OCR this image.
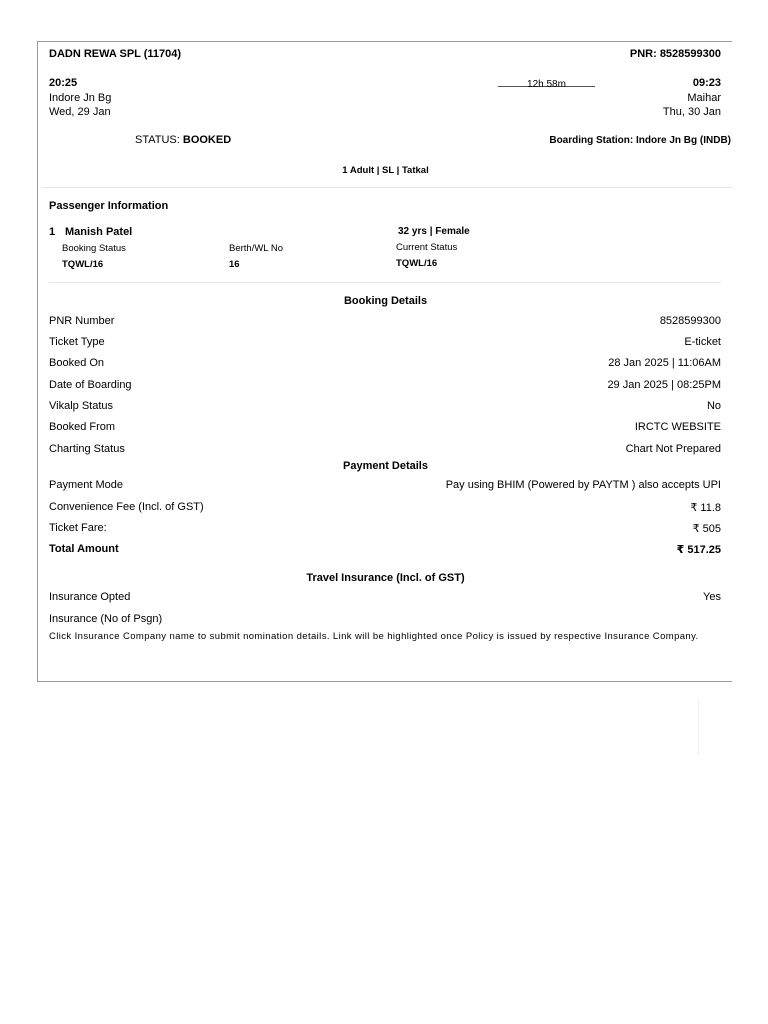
DADN REWA SPL (11704)	PNR: 8528599300
20:25
Indore Jn Bg
Wed, 29 Jan
12h 58m	09:23
Maihar
Thu, 30 Jan
STATUS: BOOKED	Boarding Station: Indore Jn Bg (INDB)
1 Adult | SL | Tatkal
Passenger Information
1 Manish Patel	32 yrs | Female
Booking Status	Berth/WL No	Current Status
TQWL/16	16	TQWL/16
Booking Details
PNR Number	8528599300
Ticket Type	E-ticket
Booked On	28 Jan 2025 | 11:06AM
Date of Boarding	29 Jan 2025 | 08:25PM
Vikalp Status	No
Booked From	IRCTC WEBSITE
Charting Status	Chart Not Prepared
Payment Details
Payment Mode	Pay using BHIM (Powered by PAYTM ) also accepts UPI
Convenience Fee (Incl. of GST)	₹ 11.8
Ticket Fare:	₹ 505
Total Amount	₹ 517.25
Travel Insurance (Incl. of GST)
Insurance Opted	Yes
Insurance (No of Psgn)
Click Insurance Company name to submit nomination details. Link will be highlighted once Policy is issued by respective Insurance Company.
